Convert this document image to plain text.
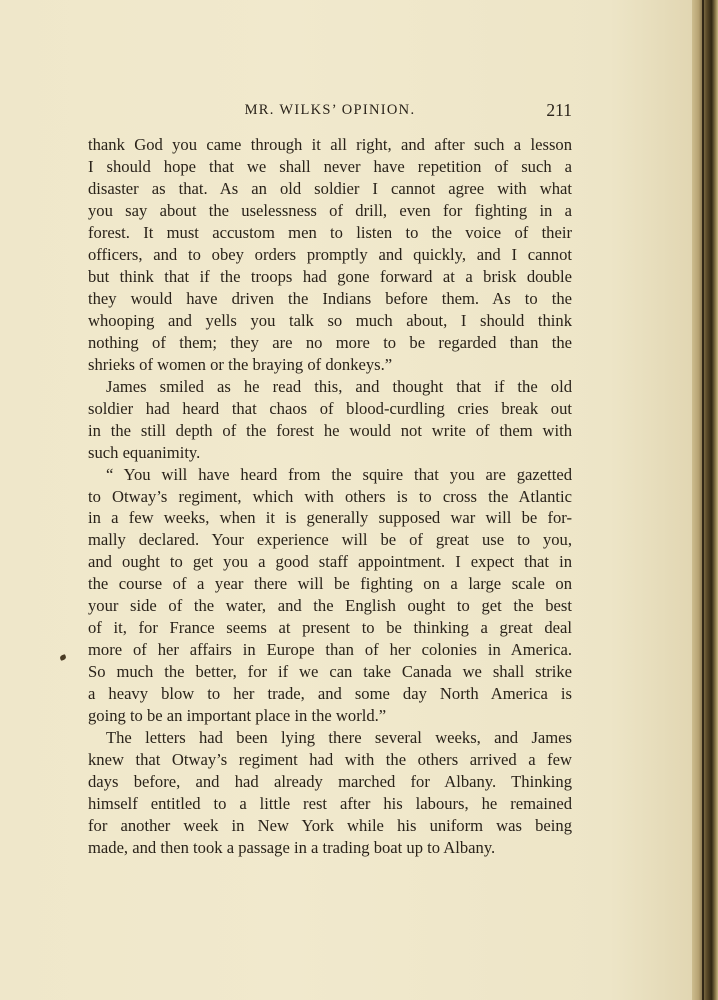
MR. WILKS’ OPINION.	211
thank God you came through it all right, and after such a lesson
I should hope that we shall never have repetition of such a
disaster as that. As an old soldier I cannot agree with what
you say about the uselessness of drill, even for fighting in a
forest. It must accustom men to listen to the voice of their
officers, and to obey orders promptly and quickly, and I cannot
but think that if the troops had gone forward at a brisk double
they would have driven the Indians before them. As to the
whooping and yells you talk so much about, I should think
nothing of them; they are no more to be regarded than the
shrieks of women or the braying of donkeys.”
James smiled as he read this, and thought that if the old
soldier had heard that chaos of blood-curdling cries break out
in the still depth of the forest he would not write of them with
such equanimity.
“ You will have heard from the squire that you are gazetted
to Otway’s regiment, which with others is to cross the Atlantic
in a few weeks, when it is generally supposed war will be for-
mally declared. Your experience will be of great use to you,
and ought to get you a good staff appointment. I expect that in
the course of a year there will be fighting on a large scale on
your side of the water, and the English ought to get the best
of it, for France seems at present to be thinking a great deal
more of her affairs in Europe than of her colonies in America.
So much the better, for if we can take Canada we shall strike
a heavy blow to her trade, and some day North America is
going to be an important place in the world.”
The letters had been lying there several weeks, and James
knew that Otway’s regiment had with the others arrived a few
days before, and had already marched for Albany. Thinking
himself entitled to a little rest after his labours, he remained
for another week in New York while his uniform was being
made, and then took a passage in a trading boat up to Albany.
